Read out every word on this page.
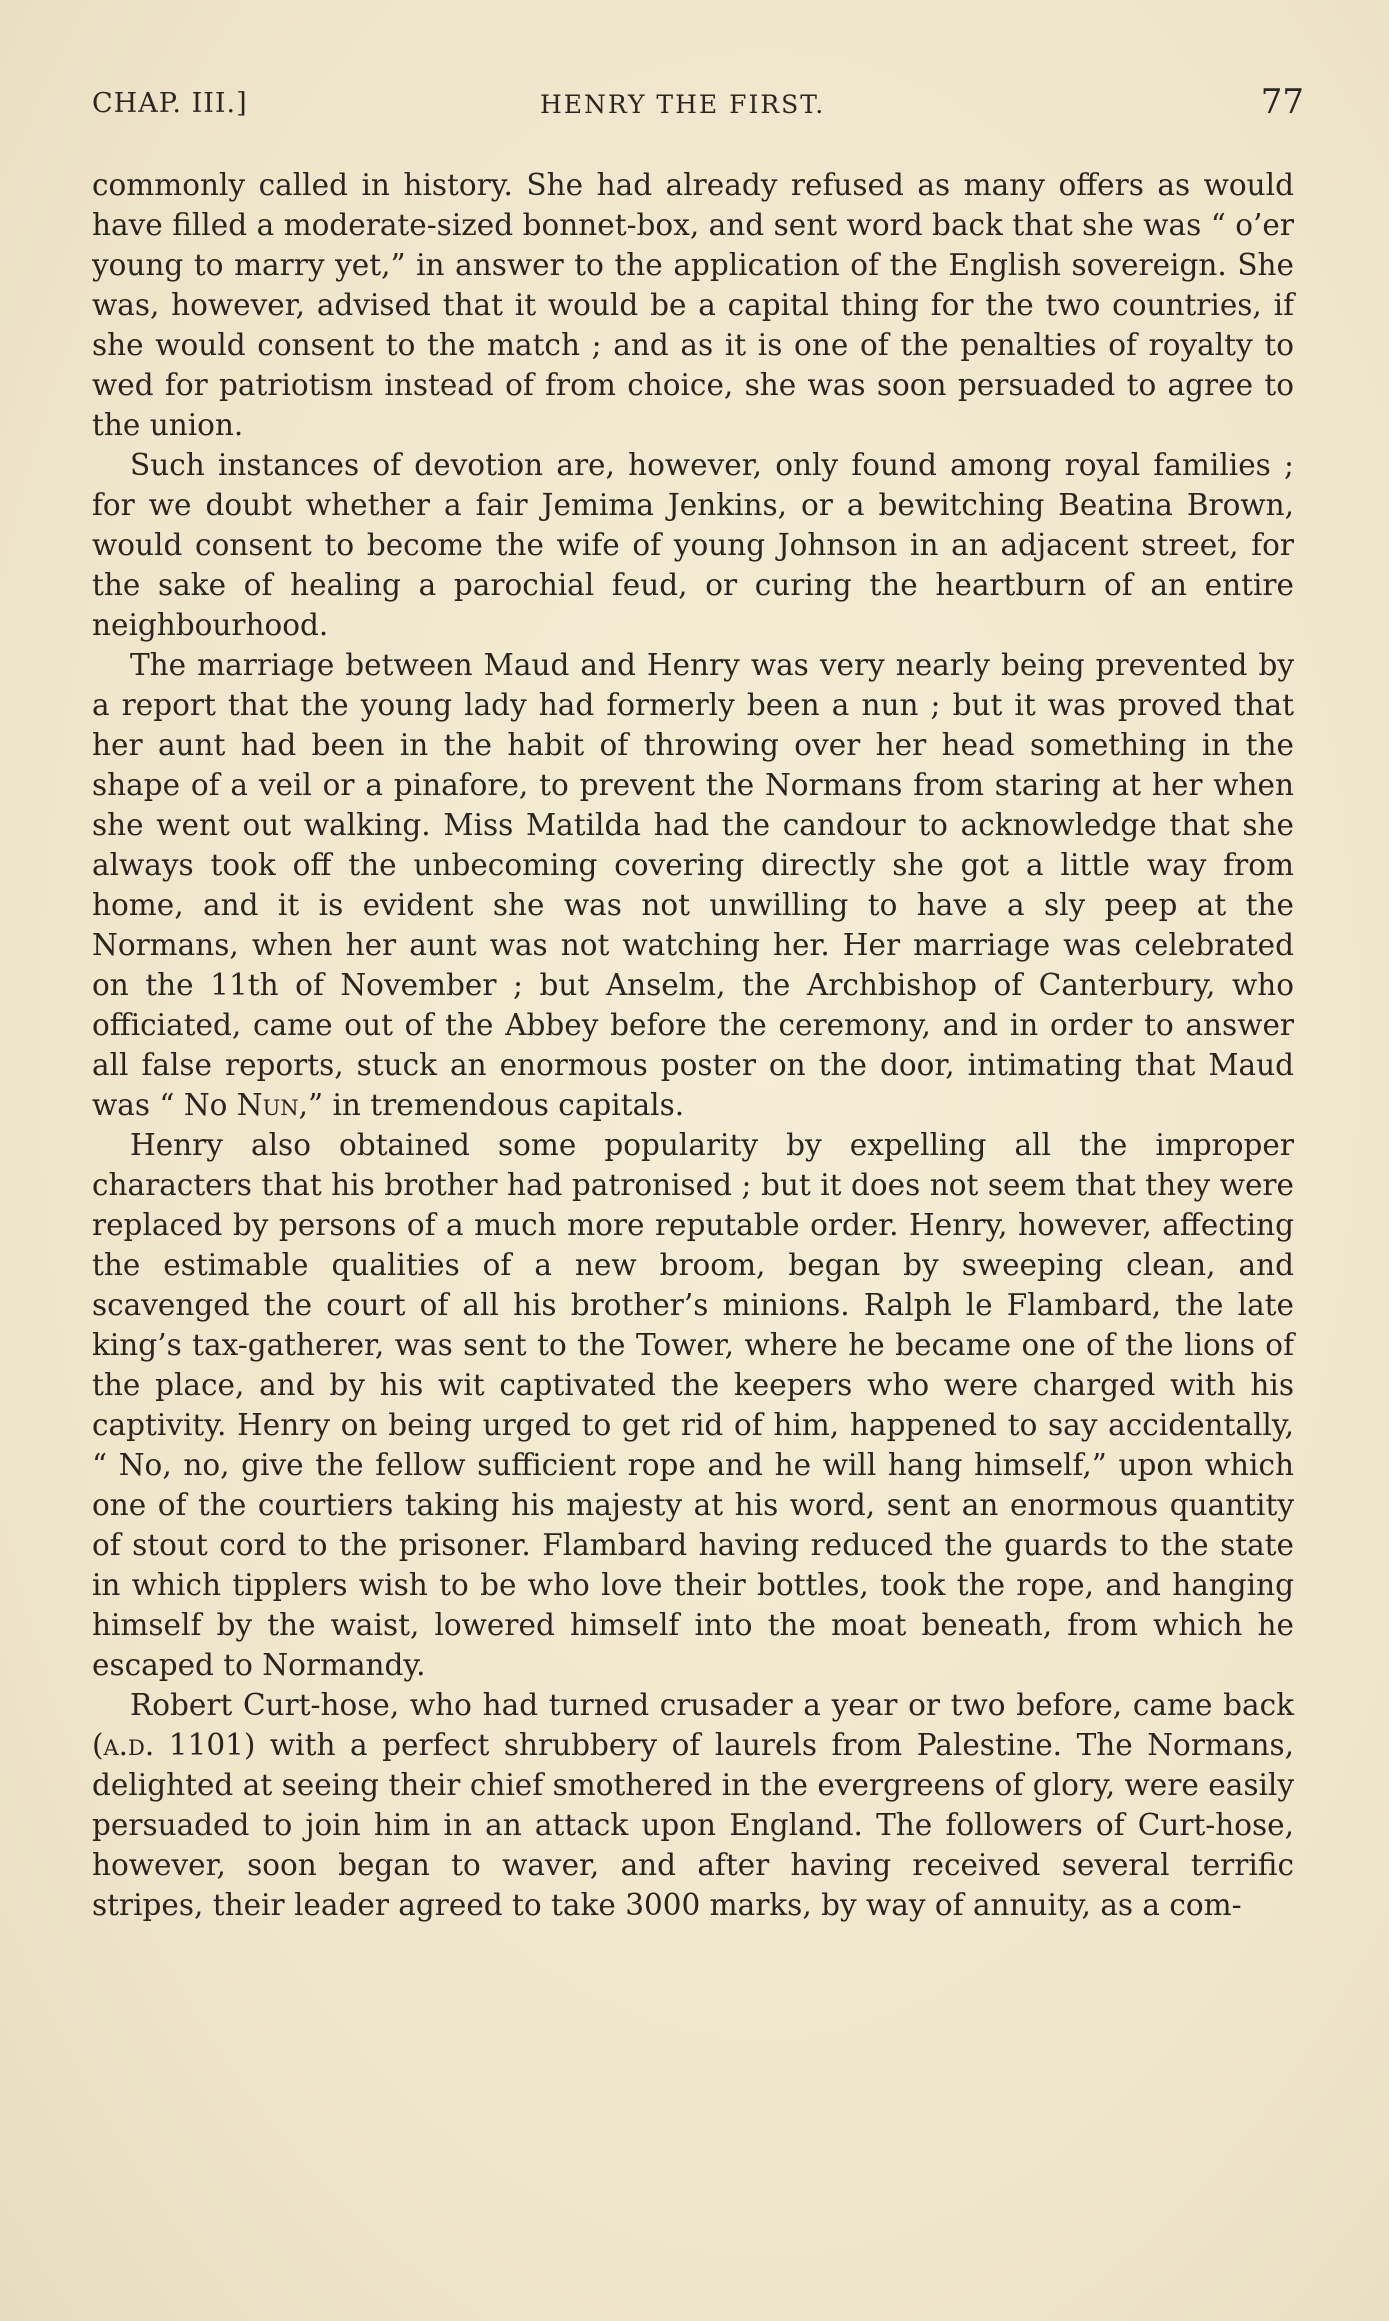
CHAP. III.]	HENRY THE FIRST.	77

commonly called in history. She had already refused as many offers as would have filled a moderate-sized bonnet-box, and sent word back that she was “ o’er young to marry yet,” in answer to the application of the English sovereign. She was, however, advised that it would be a capital thing for the two countries, if she would consent to the match ; and as it is one of the penalties of royalty to wed for patriotism instead of from choice, she was soon persuaded to agree to the union.

Such instances of devotion are, however, only found among royal families ; for we doubt whether a fair Jemima Jenkins, or a bewitching Beatina Brown, would consent to become the wife of young Johnson in an adjacent street, for the sake of healing a parochial feud, or curing the heartburn of an entire neighbourhood.

The marriage between Maud and Henry was very nearly being prevented by a report that the young lady had formerly been a nun ; but it was proved that her aunt had been in the habit of throwing over her head something in the shape of a veil or a pinafore, to prevent the Normans from staring at her when she went out walking. Miss Matilda had the candour to acknowledge that she always took off the unbecoming covering directly she got a little way from home, and it is evident she was not unwilling to have a sly peep at the Normans, when her aunt was not watching her. Her marriage was celebrated on the 11th of November ; but Anselm, the Archbishop of Canterbury, who officiated, came out of the Abbey before the ceremony, and in order to answer all false reports, stuck an enormous poster on the door, intimating that Maud was “ No Nun,” in tremendous capitals.

Henry also obtained some popularity by expelling all the improper characters that his brother had patronised ; but it does not seem that they were replaced by persons of a much more reputable order. Henry, however, affecting the estimable qualities of a new broom, began by sweeping clean, and scavenged the court of all his brother’s minions. Ralph le Flambard, the late king’s tax-gatherer, was sent to the Tower, where he became one of the lions of the place, and by his wit captivated the keepers who were charged with his captivity. Henry on being urged to get rid of him, happened to say accidentally, “ No, no, give the fellow sufficient rope and he will hang himself,” upon which one of the courtiers taking his majesty at his word, sent an enormous quantity of stout cord to the prisoner. Flambard having reduced the guards to the state in which tipplers wish to be who love their bottles, took the rope, and hanging himself by the waist, lowered himself into the moat beneath, from which he escaped to Normandy.

Robert Curt-hose, who had turned crusader a year or two before, came back (a.d. 1101) with a perfect shrubbery of laurels from Palestine. The Normans, delighted at seeing their chief smothered in the evergreens of glory, were easily persuaded to join him in an attack upon England. The followers of Curt-hose, however, soon began to waver, and after having received several terrific stripes, their leader agreed to take 3000 marks, by way of annuity, as a com-
